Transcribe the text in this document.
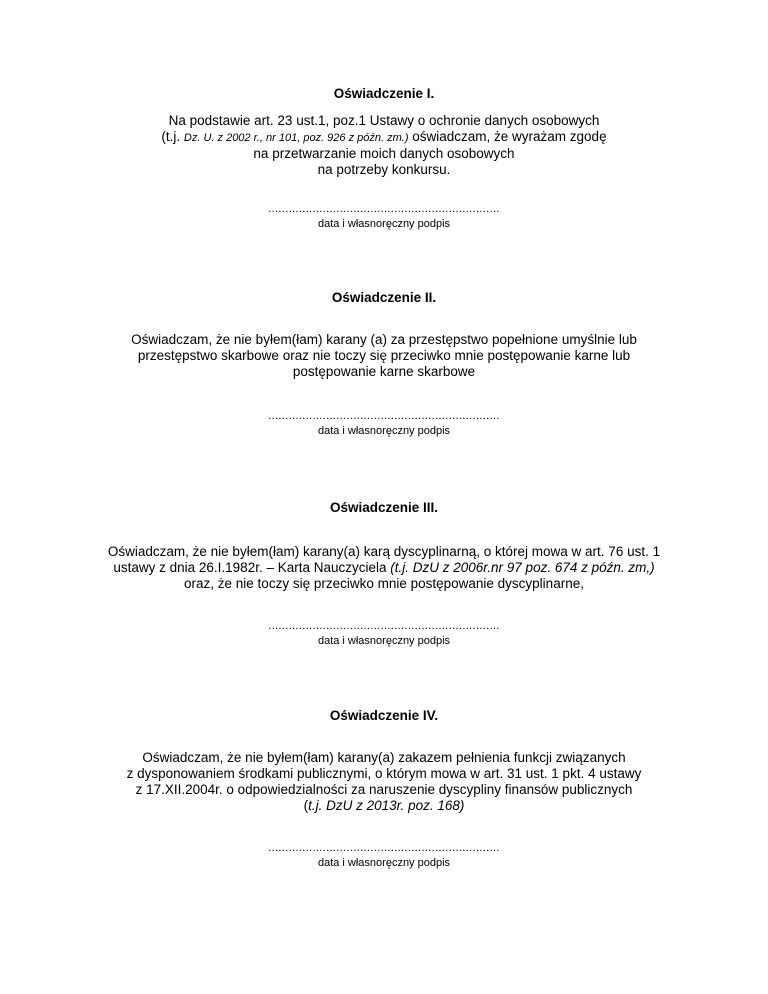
Oświadczenie I.
Na podstawie art. 23 ust.1, poz.1 Ustawy o ochronie danych osobowych
(t.j. Dz. U. z 2002 r., nr 101, poz. 926 z późn. zm.) oświadczam, że wyrażam zgodę
na przetwarzanie moich danych osobowych
na potrzeby konkursu.
....................................................................
data i własnoręczny podpis
Oświadczenie II.
Oświadczam, że nie byłem(łam) karany (a) za przestępstwo popełnione umyślnie lub
przestępstwo skarbowe oraz nie toczy się przeciwko mnie postępowanie karne lub
postępowanie karne skarbowe
....................................................................
data i własnoręczny podpis
Oświadczenie III.
Oświadczam, że nie byłem(łam) karany(a) karą dyscyplinarną, o której mowa w art. 76 ust. 1
ustawy z dnia 26.I.1982r. – Karta Nauczyciela (t.j. DzU z 2006r.nr 97 poz. 674 z późn. zm,)
oraz, że nie toczy się przeciwko mnie postępowanie dyscyplinarne,
....................................................................
data i własnoręczny podpis
Oświadczenie IV.
Oświadczam, że nie byłem(łam) karany(a) zakazem pełnienia funkcji związanych
z dysponowaniem środkami publicznymi, o którym mowa w art. 31 ust. 1 pkt. 4 ustawy
z 17.XII.2004r. o odpowiedzialności za naruszenie dyscypliny finansów publicznych
(t.j. DzU z 2013r. poz. 168)
....................................................................
data i własnoręczny podpis
